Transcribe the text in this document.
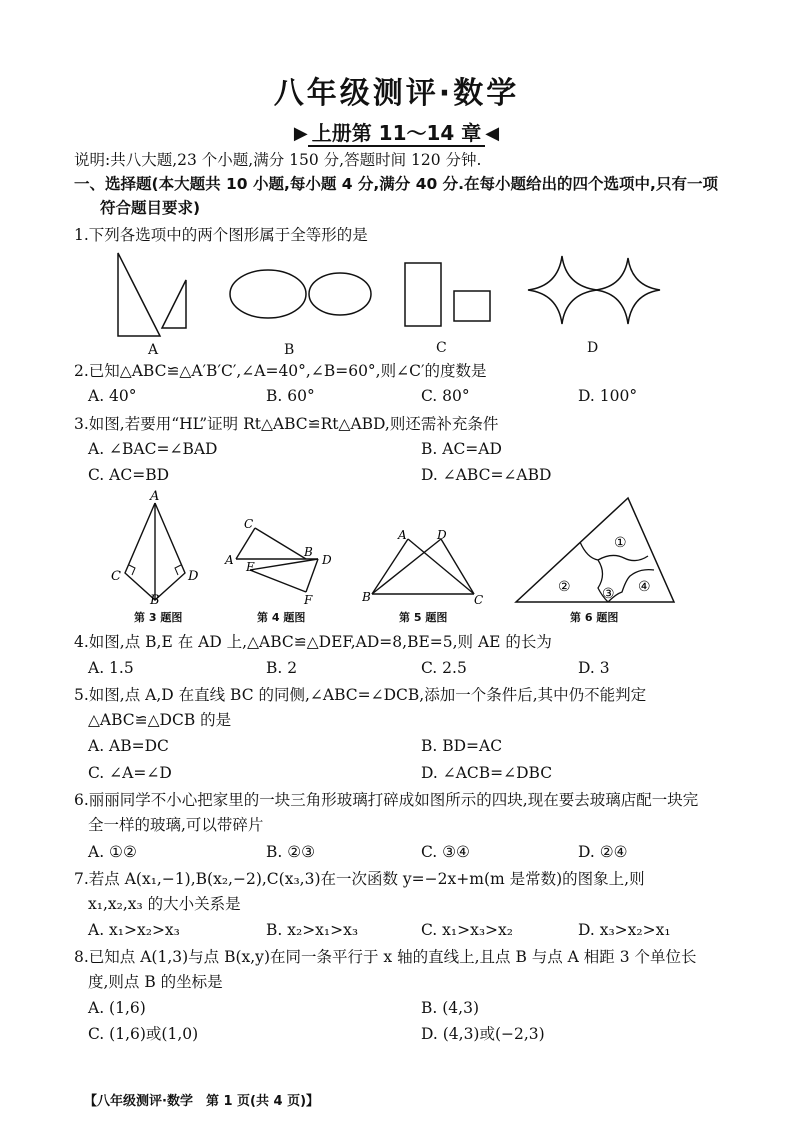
八年级测评·数学
▶ 上册第 11～14 章 ◀
说明:共八大题,23 个小题,满分 150 分,答题时间 120 分钟.
一、选择题(本大题共 10 小题,每小题 4 分,满分 40 分.在每小题给出的四个选项中,只有一项
符合题目要求)
1.下列各选项中的两个图形属于全等形的是
A	B	C	D
2.已知△ABC≌△A′B′C′,∠A=40°,∠B=60°,则∠C′的度数是
A. 40°	B. 60°	C. 80°	D. 100°
3.如图,若要用“HL”证明 Rt△ABC≌Rt△ABD,则还需补充条件
A. ∠BAC=∠BAD	B. AC=AD
C. AC=BD	D. ∠ABC=∠ABD
A
C	D
B
第 3 题图
C
A E
B
D
F
第 4 题图
A	D
B	C
第 5 题图
①
② ③ ④
第 6 题图
4.如图,点 B,E 在 AD 上,△ABC≌△DEF,AD=8,BE=5,则 AE 的长为
A. 1.5	B. 2	C. 2.5	D. 3
5.如图,点 A,D 在直线 BC 的同侧,∠ABC=∠DCB,添加一个条件后,其中仍不能判定
△ABC≌△DCB 的是
A. AB=DC	B. BD=AC
C. ∠A=∠D	D. ∠ACB=∠DBC
6.丽丽同学不小心把家里的一块三角形玻璃打碎成如图所示的四块,现在要去玻璃店配一块完
全一样的玻璃,可以带碎片
A. ①②	B. ②③	C. ③④	D. ②④
7.若点 A(x₁,−1),B(x₂,−2),C(x₃,3)在一次函数 y=−2x+m(m 是常数)的图象上,则
x₁,x₂,x₃ 的大小关系是
A. x₁>x₂>x₃	B. x₂>x₁>x₃	C. x₁>x₃>x₂	D. x₃>x₂>x₁
8.已知点 A(1,3)与点 B(x,y)在同一条平行于 x 轴的直线上,且点 B 与点 A 相距 3 个单位长
度,则点 B 的坐标是
A. (1,6)	B. (4,3)
C. (1,6)或(1,0)	D. (4,3)或(−2,3)
【八年级测评·数学　第 1 页(共 4 页)】
